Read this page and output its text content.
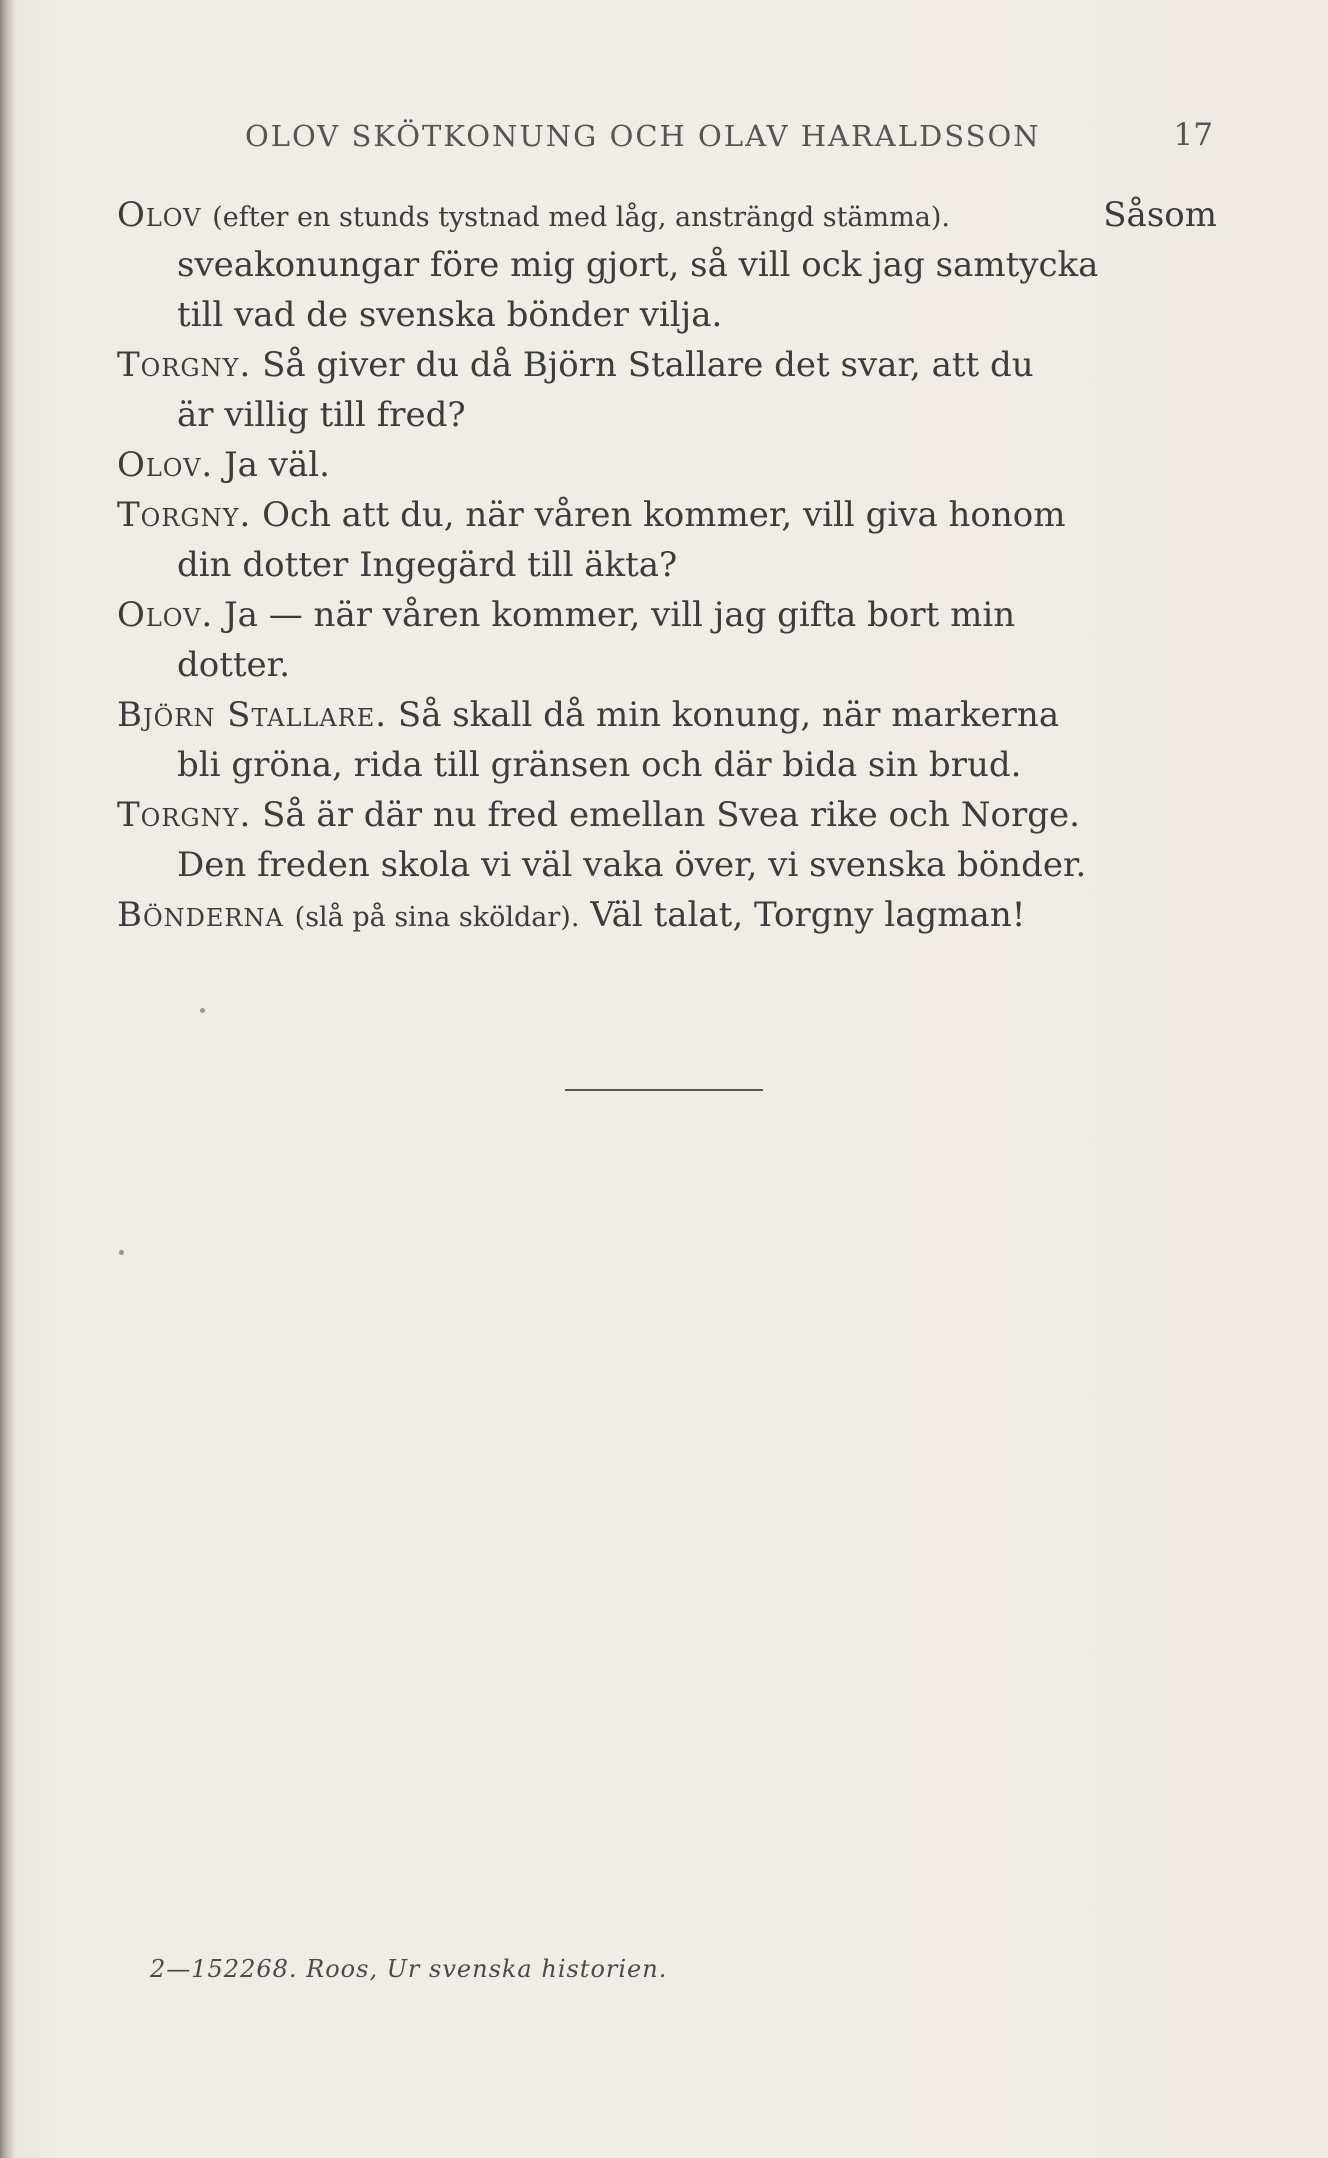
OLOV SKÖTKONUNG OCH OLAV HARALDSSON	17
Olov (efter en stunds tystnad med låg, ansträngd stämma).	Såsom
sveakonungar före mig gjort, så vill ock jag samtycka
till vad de svenska bönder vilja.
Torgny. Så giver du då Björn Stallare det svar, att du
är villig till fred?
Olov. Ja väl.
Torgny. Och att du, när våren kommer, vill giva honom
din dotter Ingegärd till äkta?
Olov. Ja — när våren kommer, vill jag gifta bort min
dotter.
Björn Stallare. Så skall då min konung, när markerna
bli gröna, rida till gränsen och där bida sin brud.
Torgny. Så är där nu fred emellan Svea rike och Norge.
Den freden skola vi väl vaka över, vi svenska bönder.
Bönderna (slå på sina sköldar). Väl talat, Torgny lagman!
2—152268. Roos, Ur svenska historien.
